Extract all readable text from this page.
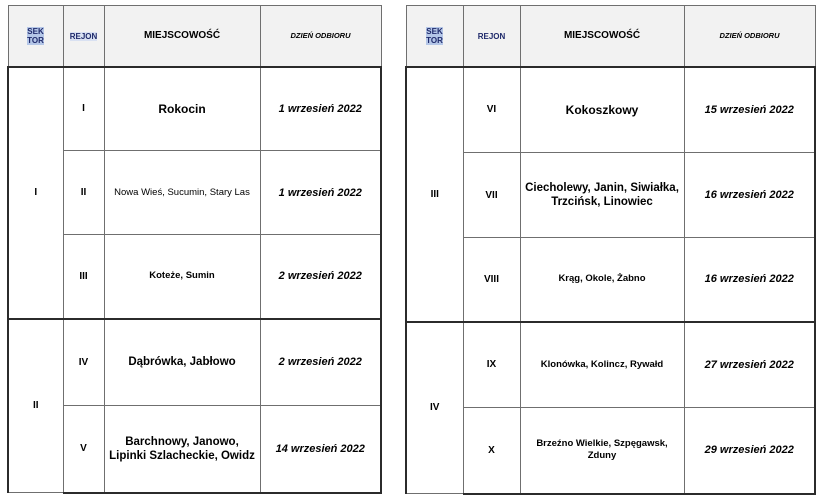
SEK
TOR	REJON	MIEJSCOWOŚĆ	DZIEŃ ODBIORU
I	I	Rokocin	1 wrzesień 2022
	II	Nowa Wieś, Sucumin, Stary Las	1 wrzesień 2022
	III	Koteże, Sumin	2 wrzesień 2022
II	IV	Dąbrówka, Jabłowo	2 wrzesień 2022
	V	Barchnowy, Janowo, Lipinki Szlacheckie, Owidz	14 wrzesień 2022
SEK
TOR	REJON	MIEJSCOWOŚĆ	DZIEŃ ODBIORU
III	VI	Kokoszkowy	15 wrzesień 2022
	VII	Ciecholewy, Janin, Siwiałka, Trzcińsk, Linowiec	16 wrzesień 2022
	VIII	Krąg, Okole, Żabno	16 wrzesień 2022
IV	IX	Klonówka, Kolincz, Rywałd	27 wrzesień 2022
	X	Brzeźno Wielkie, Szpęgawsk, Zduny	29 wrzesień 2022
